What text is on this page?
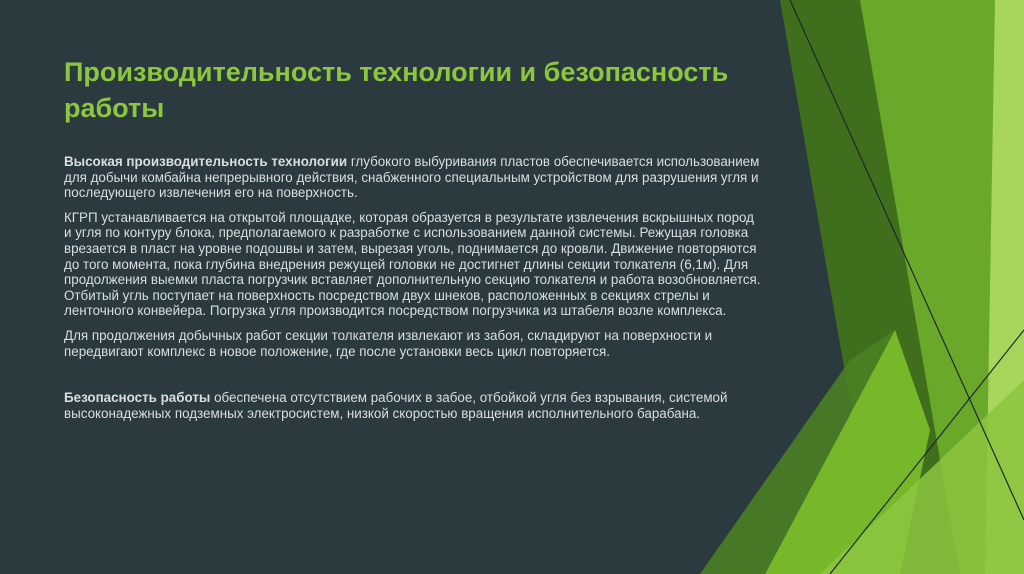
Производительность технологии и безопасность работы

Высокая производительность технологии глубокого выбуривания пластов обеспечивается использованием для добычи комбайна непрерывного действия, снабженного специальным устройством для разрушения угля и последующего извлечения его на поверхность.

КГРП устанавливается на открытой площадке, которая образуется в результате извлечения вскрышных пород и угля по контуру блока, предполагаемого к разработке с использованием данной системы. Режущая головка врезается в пласт на уровне подошвы и затем, вырезая уголь, поднимается до кровли. Движение повторяются до того момента, пока глубина внедрения режущей головки не достигнет длины секции толкателя (6,1м). Для продолжения выемки пласта погрузчик вставляет дополнительную секцию толкателя и работа возобновляется. Отбитый угль поступает на поверхность посредством двух шнеков, расположенных в секциях стрелы и ленточного конвейера. Погрузка угля производится посредством погрузчика из штабеля возле комплекса.

Для продолжения добычных работ секции толкателя извлекают из забоя, складируют на поверхности и передвигают комплекс в новое положение, где после установки весь цикл повторяется.

Безопасность работы обеспечена отсутствием рабочих в забое, отбойкой угля без взрывания, системой высоконадежных подземных электросистем, низкой скоростью вращения исполнительного барабана.
